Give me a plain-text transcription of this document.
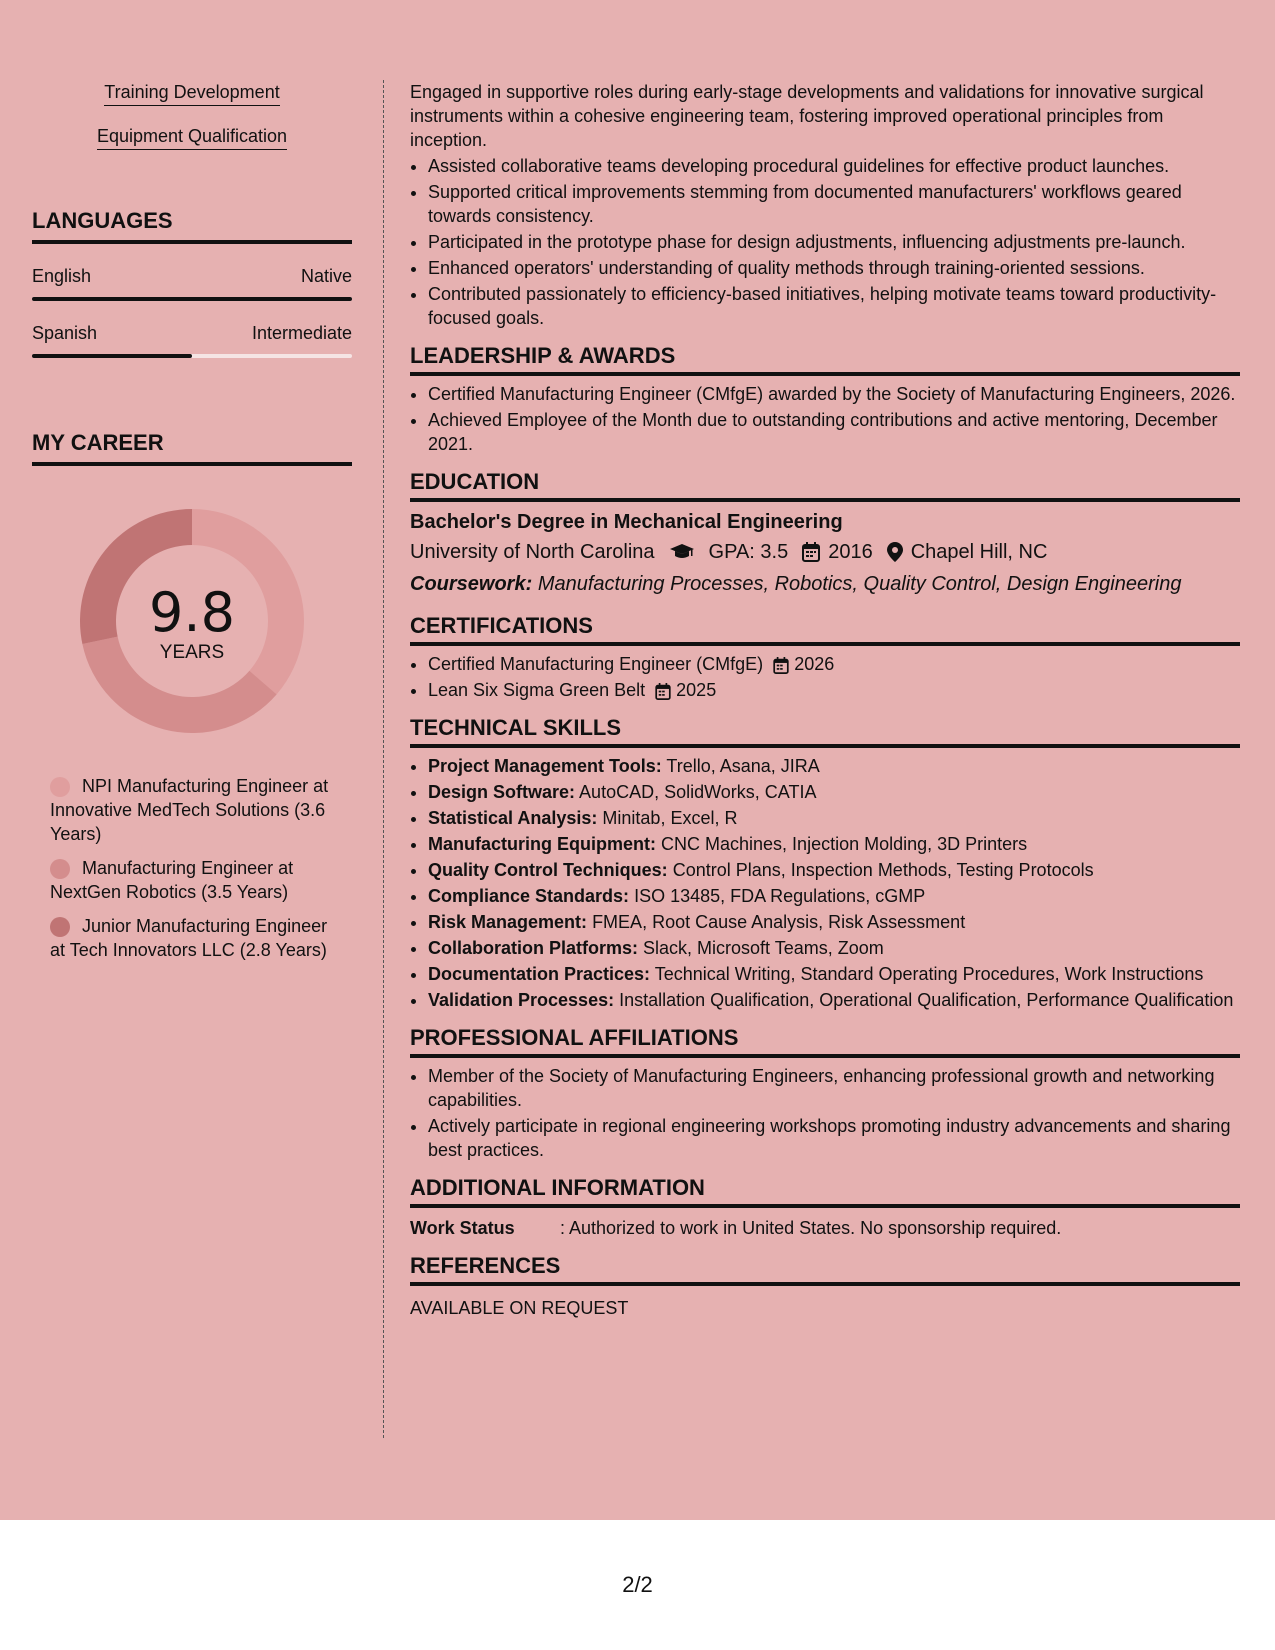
Training Development
Equipment Qualification
LANGUAGES
English	Native
Spanish	Intermediate
MY CAREER
9.8
YEARS
NPI Manufacturing Engineer at Innovative MedTech Solutions (3.6 Years)
Manufacturing Engineer at NextGen Robotics (3.5 Years)
Junior Manufacturing Engineer at Tech Innovators LLC (2.8 Years)

Engaged in supportive roles during early-stage developments and validations for innovative surgical instruments within a cohesive engineering team, fostering improved operational principles from inception.

• Assisted collaborative teams developing procedural guidelines for effective product launches.
• Supported critical improvements stemming from documented manufacturers' workflows geared towards consistency.
• Participated in the prototype phase for design adjustments, influencing adjustments pre-launch.
• Enhanced operators' understanding of quality methods through training-oriented sessions.
• Contributed passionately to efficiency-based initiatives, helping motivate teams toward productivity-focused goals.
LEADERSHIP & AWARDS
• Certified Manufacturing Engineer (CMfgE) awarded by the Society of Manufacturing Engineers, 2026.
• Achieved Employee of the Month due to outstanding contributions and active mentoring, December 2021.
EDUCATION
Bachelor's Degree in Mechanical Engineering
University of North Carolina	GPA: 3.5 2016 Chapel Hill, NC
Coursework: Manufacturing Processes, Robotics, Quality Control, Design Engineering
CERTIFICATIONS
• Certified Manufacturing Engineer (CMfgE) 2026
• Lean Six Sigma Green Belt 2025
TECHNICAL SKILLS
• Project Management Tools: Trello, Asana, JIRA
• Design Software: AutoCAD, SolidWorks, CATIA
• Statistical Analysis: Minitab, Excel, R
• Manufacturing Equipment: CNC Machines, Injection Molding, 3D Printers
• Quality Control Techniques: Control Plans, Inspection Methods, Testing Protocols
• Compliance Standards: ISO 13485, FDA Regulations, cGMP
• Risk Management: FMEA, Root Cause Analysis, Risk Assessment
• Collaboration Platforms: Slack, Microsoft Teams, Zoom
• Documentation Practices: Technical Writing, Standard Operating Procedures, Work Instructions
• Validation Processes: Installation Qualification, Operational Qualification, Performance Qualification
PROFESSIONAL AFFILIATIONS
• Member of the Society of Manufacturing Engineers, enhancing professional growth and networking capabilities.
• Actively participate in regional engineering workshops promoting industry advancements and sharing best practices.
ADDITIONAL INFORMATION
Work Status	: Authorized to work in United States. No sponsorship required.
REFERENCES

AVAILABLE ON REQUEST

2/2
